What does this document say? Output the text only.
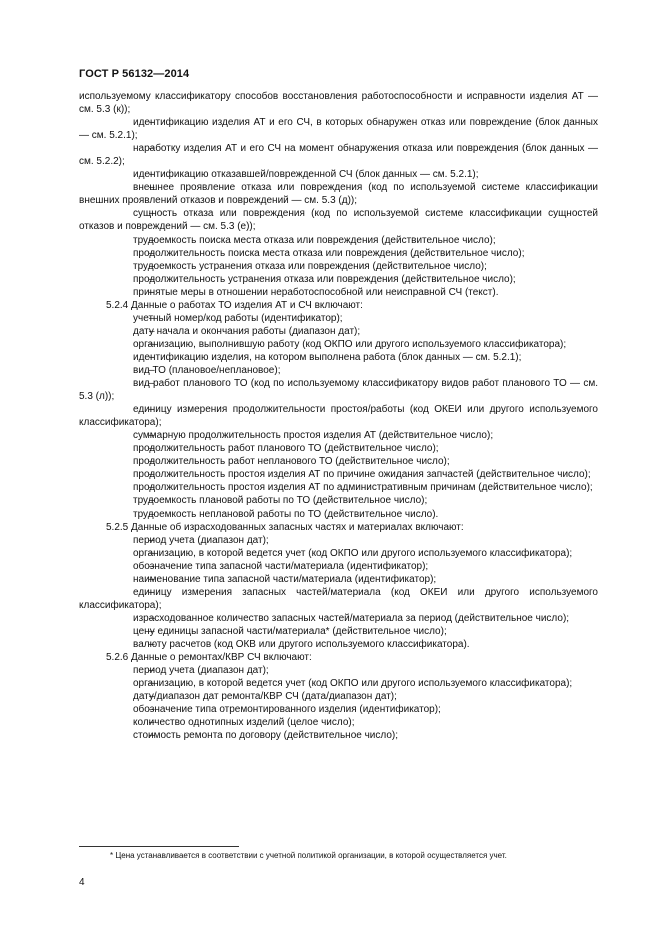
ГОСТ Р 56132—2014

используемому классификатору способов восстановления работоспособности и исправности изделия АТ — см. 5.3 (к));

– идентификацию изделия АТ и его СЧ, в которых обнаружен отказ или повреждение (блок данных — см. 5.2.1);

– наработку изделия АТ и его СЧ на момент обнаружения отказа или повреждения (блок данных — см. 5.2.2);

– идентификацию отказавшей/поврежденной СЧ (блок данных — см. 5.2.1);

– внешнее проявление отказа или повреждения (код по используемой системе классификации внешних проявлений отказов и повреждений — см. 5.3 (д));

– сущность отказа или повреждения (код по используемой системе классификации сущностей отказов и повреждений — см. 5.3 (е));

– трудоемкость поиска места отказа или повреждения (действительное число);

– продолжительность поиска места отказа или повреждения (действительное число);

– трудоемкость устранения отказа или повреждения (действительное число);

– продолжительность устранения отказа или повреждения (действительное число);

– принятые меры в отношении неработоспособной или неисправной СЧ (текст).

5.2.4 Данные о работах ТО изделия АТ и СЧ включают:

– учетный номер/код работы (идентификатор);

– дату начала и окончания работы (диапазон дат);

– организацию, выполнившую работу (код ОКПО или другого используемого классификатора);

– идентификацию изделия, на котором выполнена работа (блок данных — см. 5.2.1);

– вид ТО (плановое/неплановое);

– вид работ планового ТО (код по используемому классификатору видов работ планового ТО — см. 5.3 (л));

– единицу измерения продолжительности простоя/работы (код ОКЕИ или другого используемого классификатора);

– суммарную продолжительность простоя изделия АТ (действительное число);

– продолжительность работ планового ТО (действительное число);

– продолжительность работ непланового ТО (действительное число);

– продолжительность простоя изделия АТ по причине ожидания запчастей (действительное число);

– продолжительность простоя изделия АТ по административным причинам (действительное число);

– трудоемкость плановой работы по ТО (действительное число);

– трудоемкость неплановой работы по ТО (действительное число).

5.2.5 Данные об израсходованных запасных частях и материалах включают:

– период учета (диапазон дат);

– организацию, в которой ведется учет (код ОКПО или другого используемого классификатора);

– обозначение типа запасной части/материала (идентификатор);

– наименование типа запасной части/материала (идентификатор);

– единицу измерения запасных частей/материала (код ОКЕИ или другого используемого классификатора);

– израсходованное количество запасных частей/материала за период (действительное число);

– цену единицы запасной части/материала* (действительное число);

– валюту расчетов (код ОКВ или другого используемого классификатора).

5.2.6 Данные о ремонтах/КВР СЧ включают:

– период учета (диапазон дат);

– организацию, в которой ведется учет (код ОКПО или другого используемого классификатора);

– дату/диапазон дат ремонта/КВР СЧ (дата/диапазон дат);

– обозначение типа отремонтированного изделия (идентификатор);

– количество однотипных изделий (целое число);

– стоимость ремонта по договору (действительное число);

* Цена устанавливается в соответствии с учетной политикой организации, в которой осуществляется учет.
4
